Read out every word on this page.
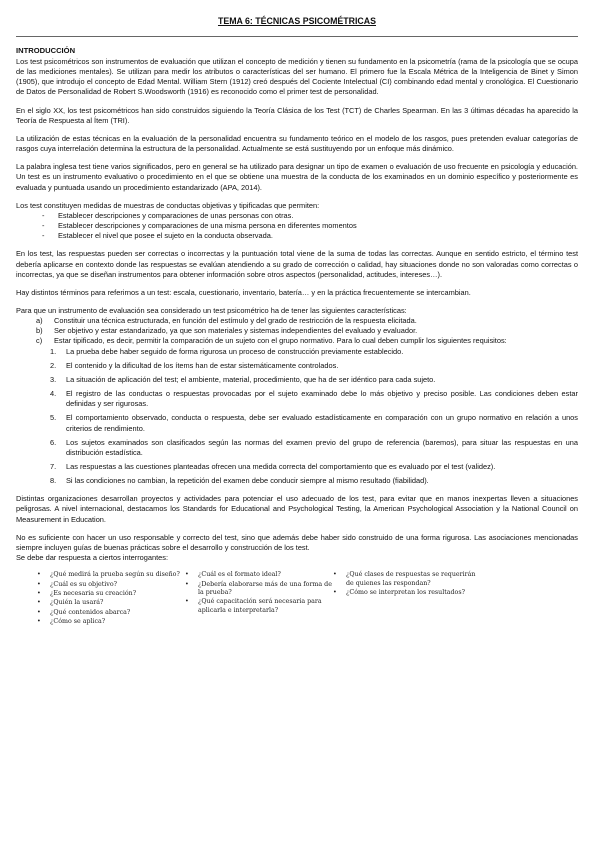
TEMA 6: TÉCNICAS PSICOMÉTRICAS
INTRODUCCIÓN

Los test psicométricos son instrumentos de evaluación que utilizan el concepto de medición y tienen su fundamento en la psicometría (rama de la psicología que se ocupa de las mediciones mentales). Se utilizan para medir los atributos o características del ser humano. El primero fue la Escala Métrica de la Inteligencia de Binet y Simon (1905), que introdujo el concepto de Edad Mental. William Stern (1912) creó después del Cociente Intelectual (CI) combinando edad mental y cronológica. El Cuestionario de Datos de Personalidad de Robert S.Woodsworth (1916) es reconocido como el primer test de personalidad.

En el siglo XX, los test psicométricos han sido construidos siguiendo la Teoría Clásica de los Test (TCT) de Charles Spearman. En las 3 últimas décadas ha aparecido la Teoría de Respuesta al Ítem (TRI).

La utilización de estas técnicas en la evaluación de la personalidad encuentra su fundamento teórico en el modelo de los rasgos, pues pretenden evaluar categorías de rasgos cuya interrelación determina la estructura de la personalidad. Actualmente se está sustituyendo por un enfoque más dinámico.

La palabra inglesa test tiene varios significados, pero en general se ha utilizado para designar un tipo de examen o evaluación de uso frecuente en psicología y educación. Un test es un instrumento evaluativo o procedimiento en el que se obtiene una muestra de la conducta de los examinados en un dominio específico y posteriormente es evaluada y puntuada usando un procedimiento estandarizado (APA, 2014).

Los test constituyen medidas de muestras de conductas objetivas y tipificadas que permiten:

- Establecer descripciones y comparaciones de unas personas con otras.
- Establecer descripciones y comparaciones de una misma persona en diferentes momentos
- Establecer el nivel que posee el sujeto en la conducta observada.

En los test, las respuestas pueden ser correctas o incorrectas y la puntuación total viene de la suma de todas las correctas. Aunque en sentido estricto, el término test debería aplicarse en contexto donde las respuestas se evalúan atendiendo a su grado de corrección o calidad, hay situaciones donde no son valoradas como correctas o incorrectas, ya que se diseñan instrumentos para obtener información sobre otros aspectos (personalidad, actitudes, intereses…).

Hay distintos términos para referirnos a un test: escala, cuestionario, inventario, batería… y en la práctica frecuentemente se intercambian.

Para que un instrumento de evaluación sea considerado un test psicométrico ha de tener las siguientes características:

a) Constituir una técnica estructurada, en función del estímulo y del grado de restricción de la respuesta elicitada.
b) Ser objetivo y estar estandarizado, ya que son materiales y sistemas independientes del evaluado y evaluador.
c) Estar tipificado, es decir, permitir la comparación de un sujeto con el grupo normativo. Para lo cual deben cumplir los siguientes requisitos:
1. La prueba debe haber seguido de forma rigurosa un proceso de construcción previamente establecido.
2. El contenido y la dificultad de los ítems han de estar sistemáticamente controlados.
3. La situación de aplicación del test; el ambiente, material, procedimiento, que ha de ser idéntico para cada sujeto.
4. El registro de las conductas o respuestas provocadas por el sujeto examinado debe lo más objetivo y preciso posible. Las condiciones deben estar definidas y ser rigurosas.
5. El comportamiento observado, conducta o respuesta, debe ser evaluado estadísticamente en comparación con un grupo normativo en relación a unos criterios de rendimiento.
6. Los sujetos examinados son clasificados según las normas del examen previo del grupo de referencia (baremos), para situar las respuestas en una distribución estadística.
7. Las respuestas a las cuestiones planteadas ofrecen una medida correcta del comportamiento que es evaluado por el test (validez).
8. Si las condiciones no cambian, la repetición del examen debe conducir siempre al mismo resultado (fiabilidad).

Distintas organizaciones desarrollan proyectos y actividades para potenciar el uso adecuado de los test, para evitar que en manos inexpertas lleven a situaciones peligrosas. A nivel internacional, destacamos los Standards for Educational and Psychological Testing, la American Psychological Association y la National Council on Measurement in Education.

No es suficiente con hacer un uso responsable y correcto del test, sino que además debe haber sido construido de una forma rigurosa. Las asociaciones mencionadas siempre incluyen guías de buenas prácticas sobre el desarrollo y construcción de los test.

Se debe dar respuesta a ciertos interrogantes:

• ¿Qué medirá la prueba según su diseño?
• ¿Cuál es su objetivo?
• ¿Es necesaria su creación?
• ¿Quién la usará?
• ¿Qué contenidos abarca?
• ¿Cómo se aplica?
• ¿Cuál es el formato ideal?
• ¿Debería elaborarse más de una forma de la prueba?
• ¿Qué capacitación será necesaria para aplicarla e interpretarla?
• ¿Qué clases de respuestas se requerirán de quienes las respondan?
• ¿Cómo se interpretan los resultados?
